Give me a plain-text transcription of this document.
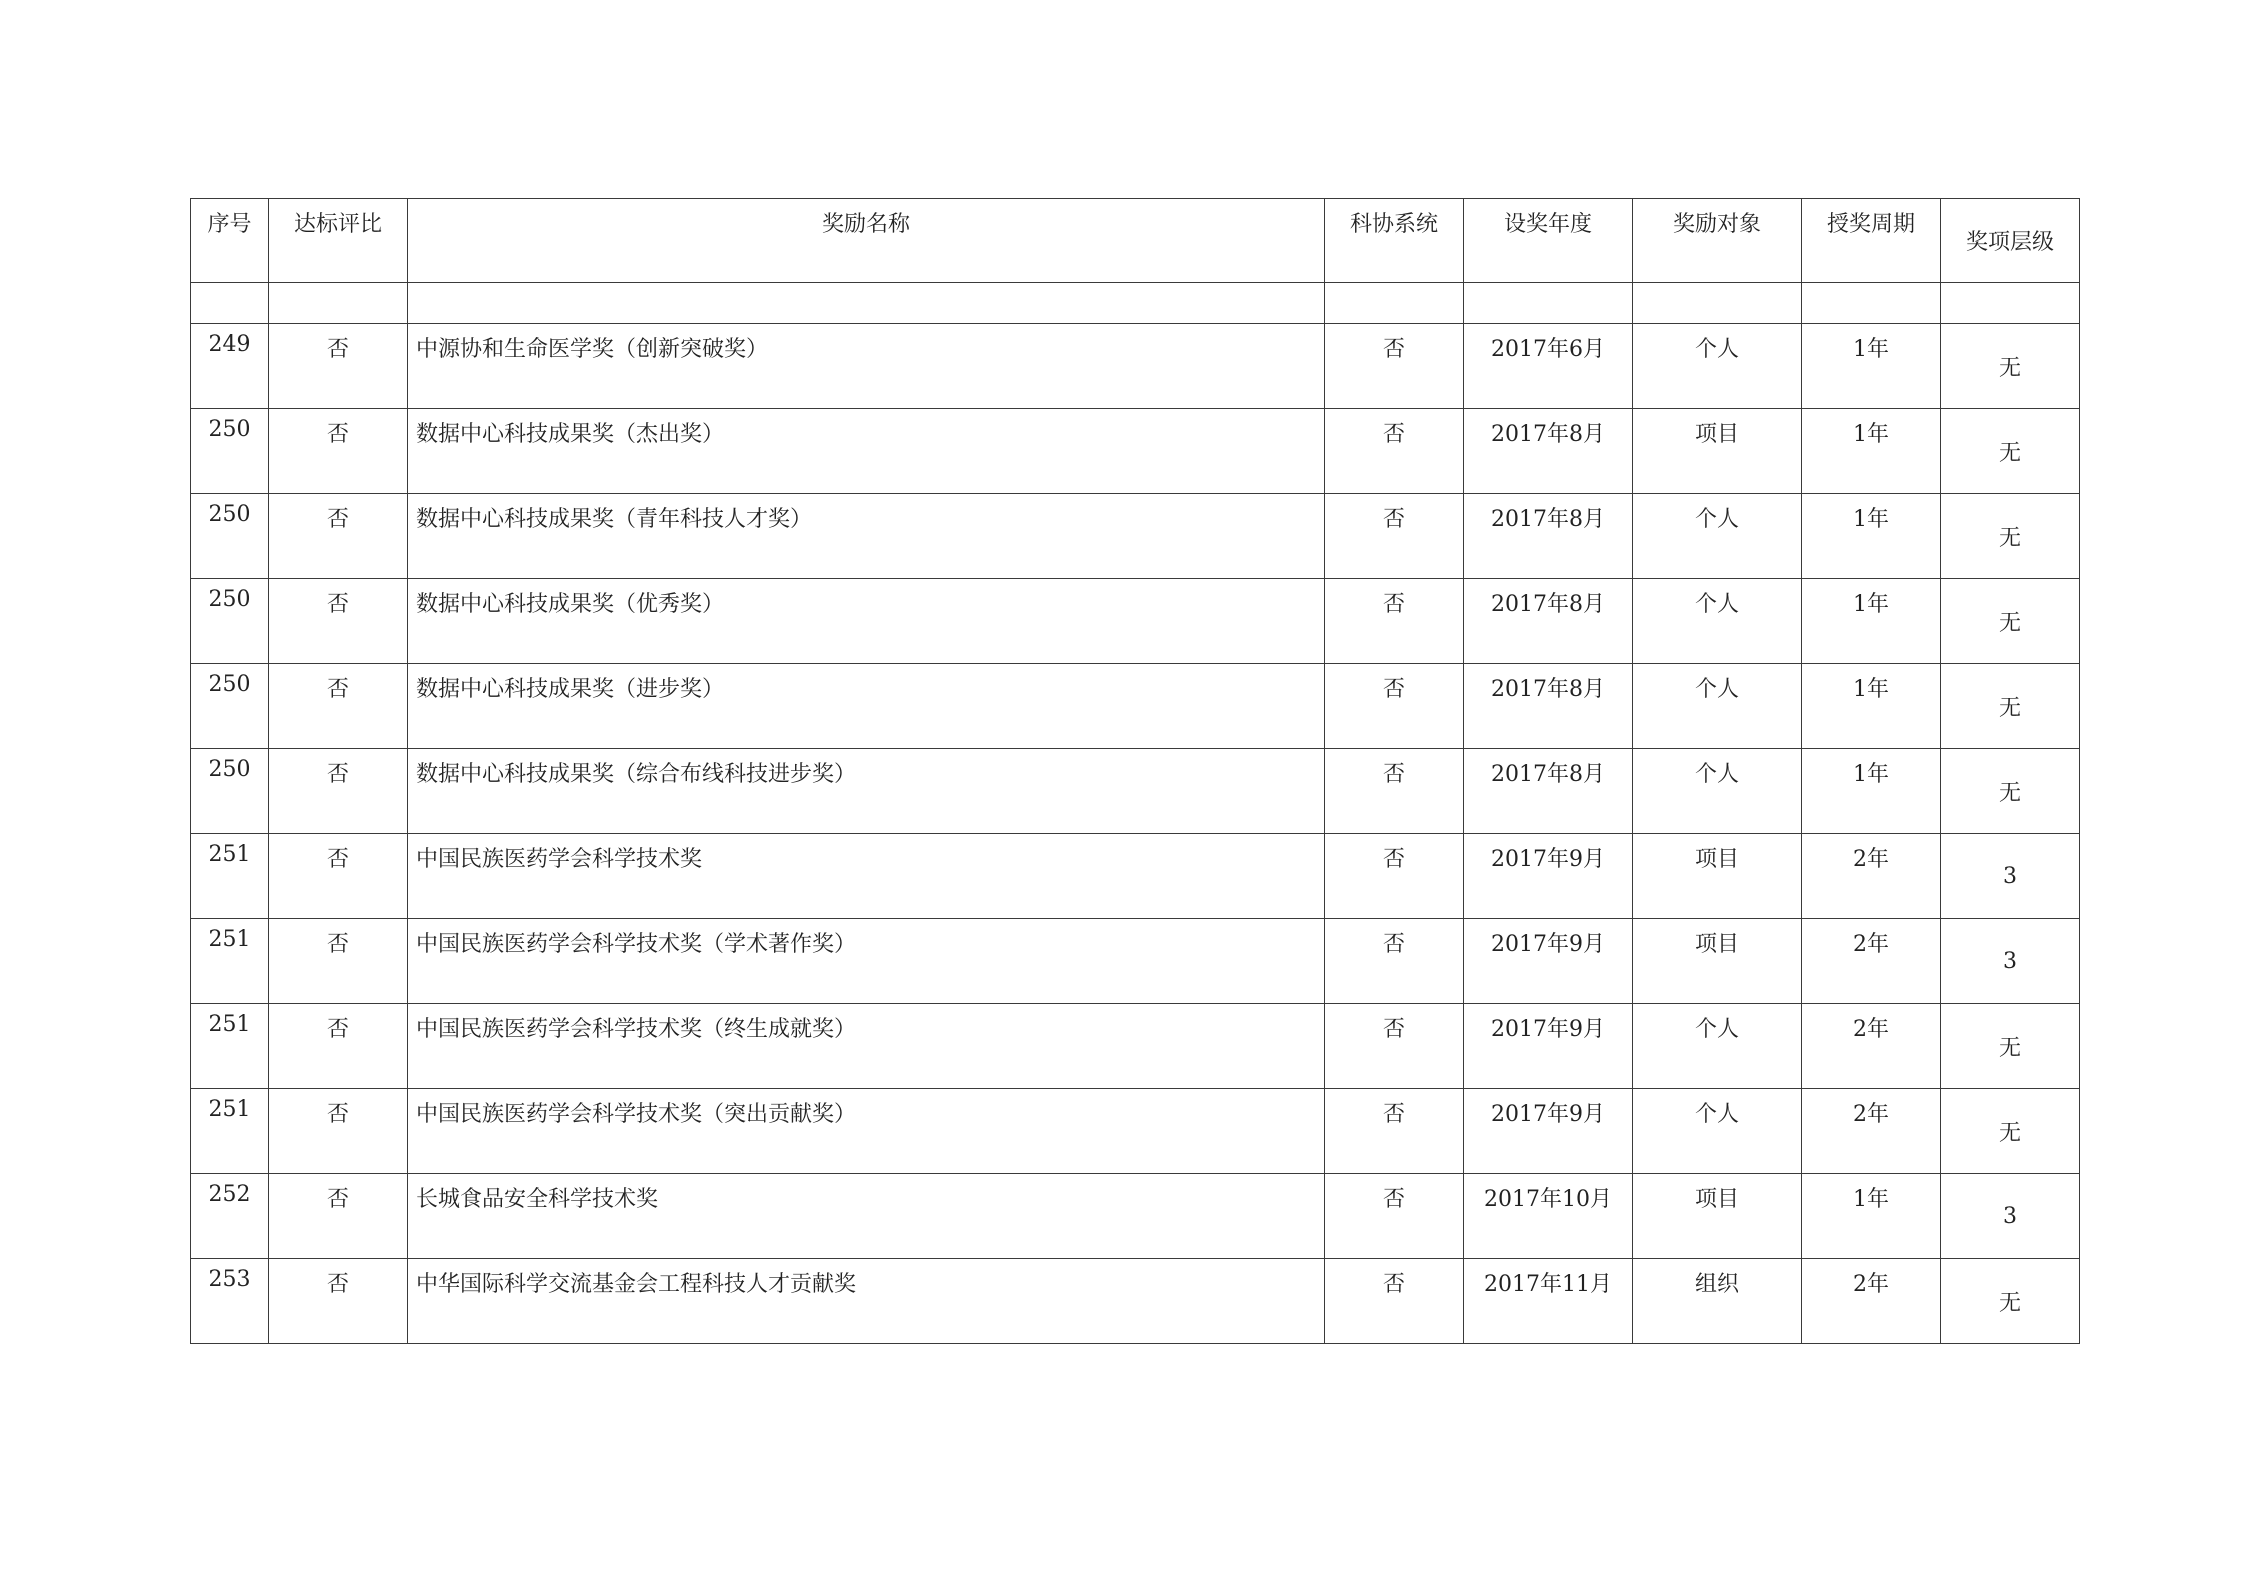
序号	达标评比	奖励名称	科协系统	设奖年度	奖励对象	授奖周期	奖项层级

249	否	中源协和生命医学奖（创新突破奖）	否	2017年6月	个人	1年	无
250	否	数据中心科技成果奖（杰出奖）	否	2017年8月	项目	1年	无
250	否	数据中心科技成果奖（青年科技人才奖）	否	2017年8月	个人	1年	无
250	否	数据中心科技成果奖（优秀奖）	否	2017年8月	个人	1年	无
250	否	数据中心科技成果奖（进步奖）	否	2017年8月	个人	1年	无
250	否	数据中心科技成果奖（综合布线科技进步奖）	否	2017年8月	个人	1年	无
251	否	中国民族医药学会科学技术奖	否	2017年9月	项目	2年	3
251	否	中国民族医药学会科学技术奖（学术著作奖）	否	2017年9月	项目	2年	3
251	否	中国民族医药学会科学技术奖（终生成就奖）	否	2017年9月	个人	2年	无
251	否	中国民族医药学会科学技术奖（突出贡献奖）	否	2017年9月	个人	2年	无
252	否	长城食品安全科学技术奖	否	2017年10月	项目	1年	3
253	否	中华国际科学交流基金会工程科技人才贡献奖	否	2017年11月	组织	2年	无
